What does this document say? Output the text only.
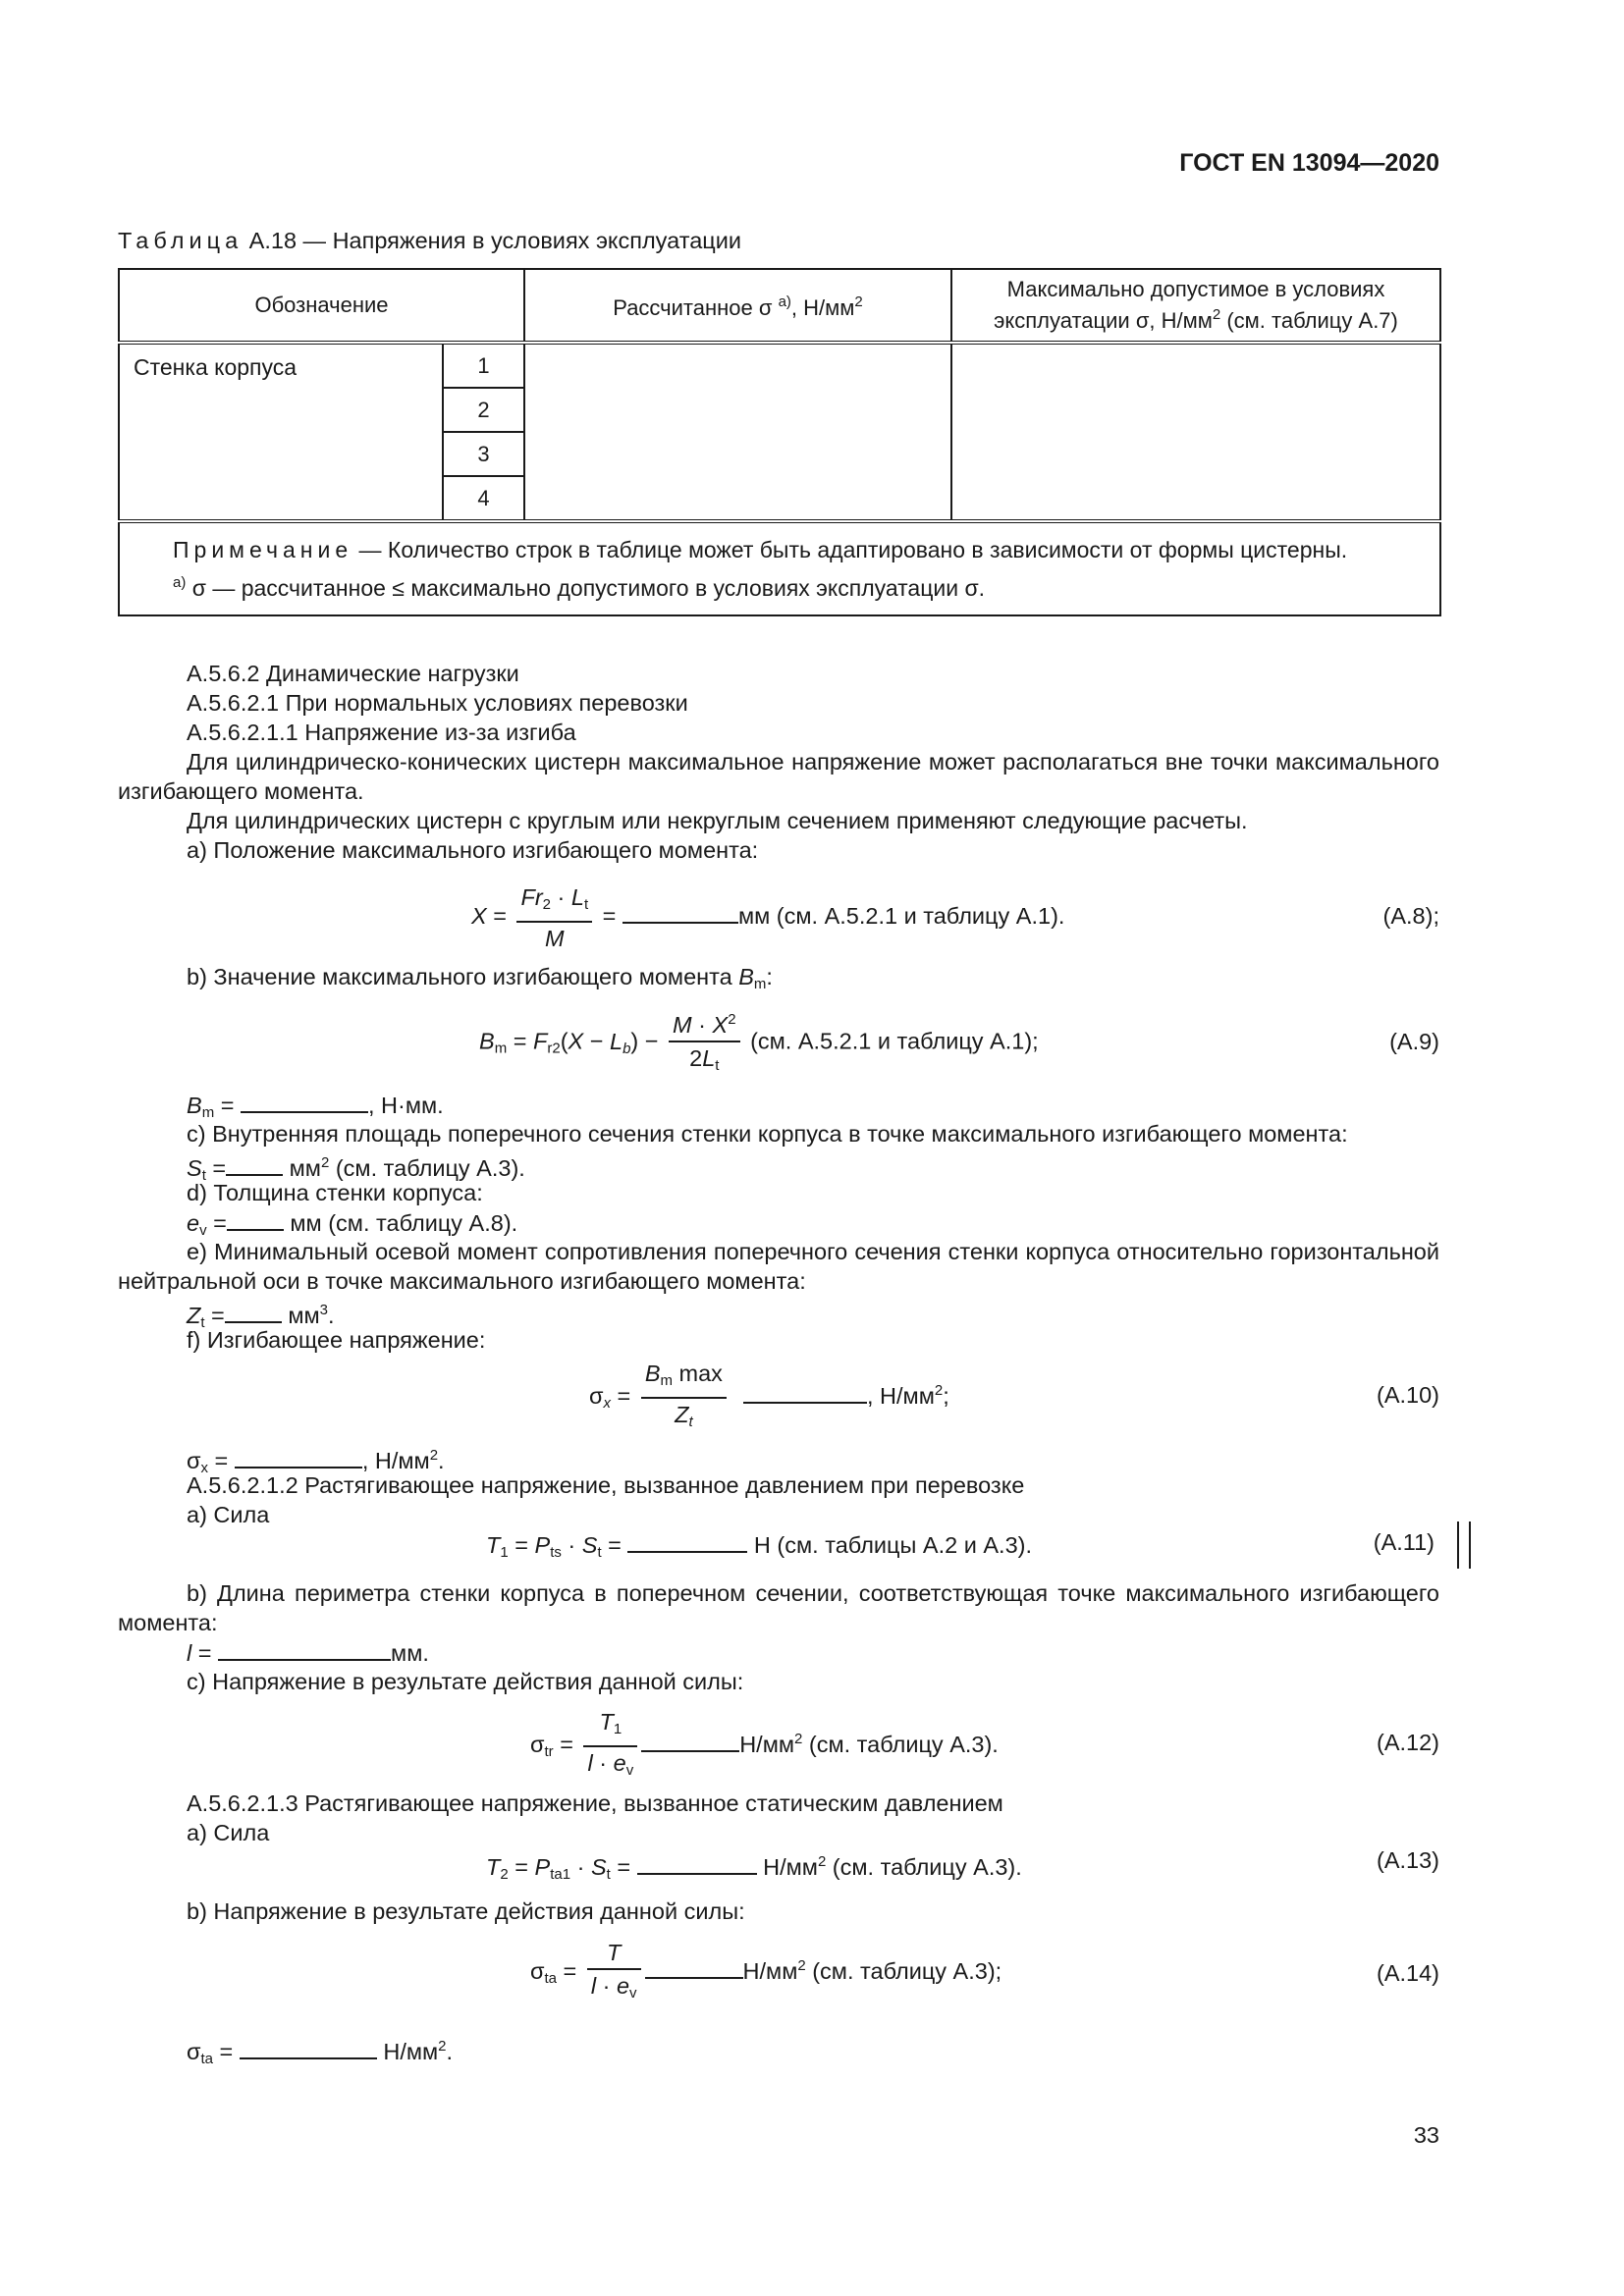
ГОСТ EN 13094—2020
Таблица А.18 — Напряжения в условиях эксплуатации
Обозначение		Рассчитанное σ $^{а)}$, $Н/мм^2$	Максимально допустимое в условиях
эксплуатации σ, $Н/мм^2$ (см. таблицу А.7)
Стенка корпуса	1		
	2		
	3		
	4		
Примечание — Количество строк в таблице может быть адаптировано в зависимости от формы цистерны.
$^{а)}$ σ — рассчитанное ≤ максимально допустимого в условиях эксплуатации σ.			
А.5.6.2 Динамические нагрузки
А.5.6.2.1 При нормальных условиях перевозки
А.5.6.2.1.1 Напряжение из-за изгиба
Для цилиндрическо-конических цистерн максимальное напряжение может располагаться вне точки максимального изгибающего момента.
Для цилиндрических цистерн с круглым или некруглым сечением применяют следующие расчеты.
а) Положение максимального изгибающего момента:
$X = \frac{Fr_2 \cdot L_t}{M}$ =	мм (см. А.5.2.1 и таблицу А.1).	(А.8);
b) Значение максимального изгибающего момента $B_m$:
$B_m = F_{r2}(X - L_b) - \frac{M \cdot X^2}{2L_t} (см$. А.5.2.1 и таблицу А.1);	(А.9)
$B_m$ =	, Н·мм.
с) Внутренняя площадь поперечного сечения стенки корпуса в точке максимального изгибающего момента:
$S_t = мм^2$ (см. таблицу А.3).
d) Толщина стенки корпуса:
$e_v$ = мм (см. таблицу А.8).
е) Минимальный осевой момент сопротивления поперечного сечения стенки корпуса относительно горизонтальной нейтральной оси в точке максимального изгибающего момента:
$Z_t = мм^3$.
f) Изгибающее напряжение:
$\sigma_x$ =
$B_m$ max
$Z_t$
, $Н/мм^2$;	(А.10)
$\sigma_x$ =	, $Н/мм^2$.
А.5.6.2.1.2 Растягивающее напряжение, вызванное давлением при перевозке
а) Сила
$T_1 = P_{ts} \cdot S_t$ =	Н (см. таблицы А.2 и А.3).	(А.11)
b) Длина периметра стенки корпуса в поперечном сечении, соответствующая точке максимального изгибающего момента:
l =	мм.
с) Напряжение в результате действия данной силы:
$\sigma_{tr} = \frac{T_1}{l \cdot e_v}$	$Н/мм^2$ (см. таблицу А.3).	(А.12)
А.5.6.2.1.3 Растягивающее напряжение, вызванное статическим давлением
а) Сила
$T_2 = P_{ta1} \cdot S_t$ =	$Н/мм^2$ (см. таблицу А.3).	(А.13)
b) Напряжение в результате действия данной силы:
$\sigma_{ta} = \frac{T}{l \cdot e_v}$	$Н/мм^2$ (см. таблицу А.3);	(А.14)
$\sigma_{ta}$ =	$Н/мм^2$.
33
